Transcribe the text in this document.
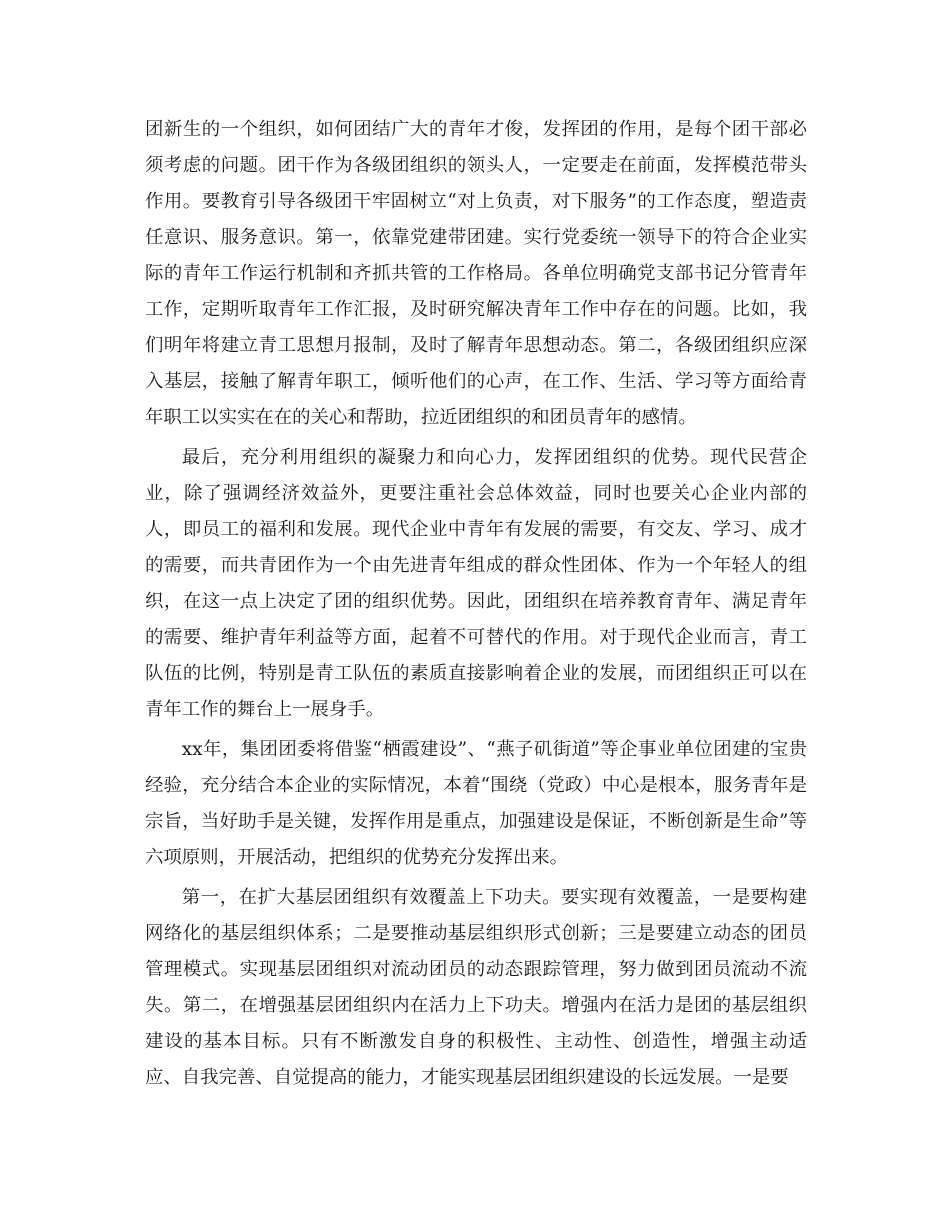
团新生的一个组织，如何团结广大的青年才俊，发挥团的作用，是每个团干部必须考虑的问题。团干作为各级团组织的领头人，一定要走在前面，发挥模范带头作用。要教育引导各级团干牢固树立“对上负责，对下服务”的工作态度，塑造责任意识、服务意识。第一，依靠党建带团建。实行党委统一领导下的符合企业实际的青年工作运行机制和齐抓共管的工作格局。各单位明确党支部书记分管青年工作，定期听取青年工作汇报，及时研究解决青年工作中存在的问题。比如，我们明年将建立青工思想月报制，及时了解青年思想动态。第二，各级团组织应深入基层，接触了解青年职工，倾听他们的心声，在工作、生活、学习等方面给青年职工以实实在在的关心和帮助，拉近团组织的和团员青年的感情。

最后，充分利用组织的凝聚力和向心力，发挥团组织的优势。现代民营企业，除了强调经济效益外，更要注重社会总体效益，同时也要关心企业内部的人，即员工的福利和发展。现代企业中青年有发展的需要，有交友、学习、成才的需要，而共青团作为一个由先进青年组成的群众性团体、作为一个年轻人的组织，在这一点上决定了团的组织优势。因此，团组织在培养教育青年、满足青年的需要、维护青年利益等方面，起着不可替代的作用。对于现代企业而言，青工队伍的比例，特别是青工队伍的素质直接影响着企业的发展，而团组织正可以在青年工作的舞台上一展身手。

xx年，集团团委将借鉴“栖霞建设”、“燕子矶街道”等企事业单位团建的宝贵经验，充分结合本企业的实际情况，本着“围绕（党政）中心是根本，服务青年是宗旨，当好助手是关键，发挥作用是重点，加强建设是保证，不断创新是生命”等六项原则，开展活动，把组织的优势充分发挥出来。

第一，在扩大基层团组织有效覆盖上下功夫。要实现有效覆盖，一是要构建网络化的基层组织体系；二是要推动基层组织形式创新；三是要建立动态的团员管理模式。实现基层团组织对流动团员的动态跟踪管理，努力做到团员流动不流失。第二，在增强基层团组织内在活力上下功夫。增强内在活力是团的基层组织建设的基本目标。只有不断激发自身的积极性、主动性、创造性，增强主动适应、自我完善、自觉提高的能力，才能实现基层团组织建设的长远发展。一是要
